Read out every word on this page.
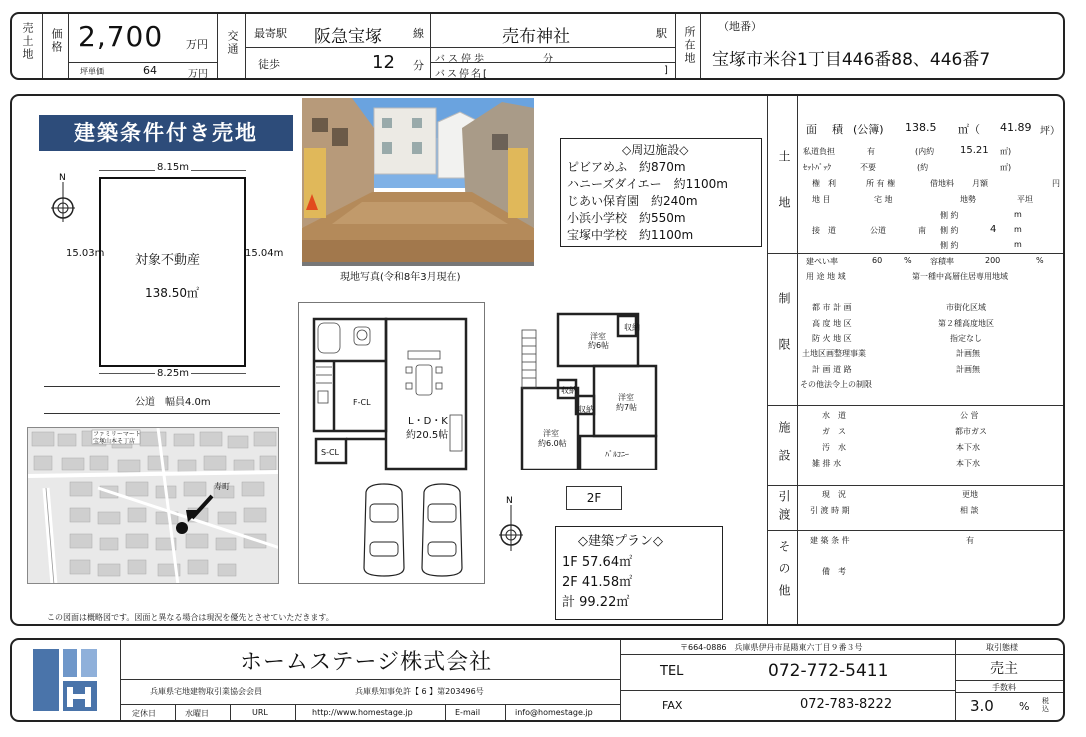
売土地 価格 2,700 万円
坪単価	64	万円
交通 最寄駅 阪急宝塚	線	売布神社	駅
徒歩	12 分 バス停歩	分
バス停名[	]
所在地 （地番）
宝塚市米谷1丁目446番88、446番7
建築条件付き売地
N
8.15m
15.03m	15.04m
8.25m
対象不動産
138.50㎡
公道　幅員4.0m
ファミリーマート
宝塚山本そ丁店
寿町
現地写真(令和8年3月現在)
◇周辺施設◇
ピビアめふ　約870m
ハニーズダイエー　約1100m
じあい保育園　約240m
小浜小学校　約550m
宝塚中学校　約1100m
F-CL
S-CL
L・D・K
約20.5帖
洋室
約6帖
収納
洋室
約7帖
洋室
約6.0帖
収納
収納
ﾊﾞﾙｺﾆｰ
2F
N
◇建築プラン◇
1F 57.64㎡
2F 41.58㎡
計 99.22㎡
この図面は概略図です。図面と異なる場合は現況を優先とさせていただきます。
土地
制限
施設
引渡
その他
面　積 (公簿) 138.5 ㎡（ 41.89 坪）
私道負担	有	(内約	15.21 ㎡)
ｾｯﾄﾊﾞｯｸ	不要	(約	㎡)
権　利	所 有 権	借地料 月額	円
地 目	宅 地	地勢	平坦
側 約	m
接　道	公道	南 側 約	4 m
側 約	m
建ぺい率	60	% 容積率	200	%
用 途 地 域	第一種中高層住居専用地域
都 市 計 画	市街化区域
高 度 地 区	第２種高度地区
防 火 地 区	指定なし
土地区画整理事業	計画無
計 画 道 路	計画無
その他法令上の制限
水　道	公 営
ガ　ス	都市ガス
汚　水	本下水
雑 排 水	本下水
現　況	更地
引 渡 時 期	相 談
建 築 条 件	有
備　考
ホームステージ株式会社
兵庫県宅地建物取引業協会会員	兵庫県知事免許【 6 】第203496号
定休日	水曜日	URL	http://www.homestage.jp	E-mail	info@homestage.jp
〒664-0886　兵庫県伊丹市昆陽東六丁目９番３号
TEL	072-772-5411
FAX	072-783-8222
取引態様
売主
手数料
3.0 % 税込
